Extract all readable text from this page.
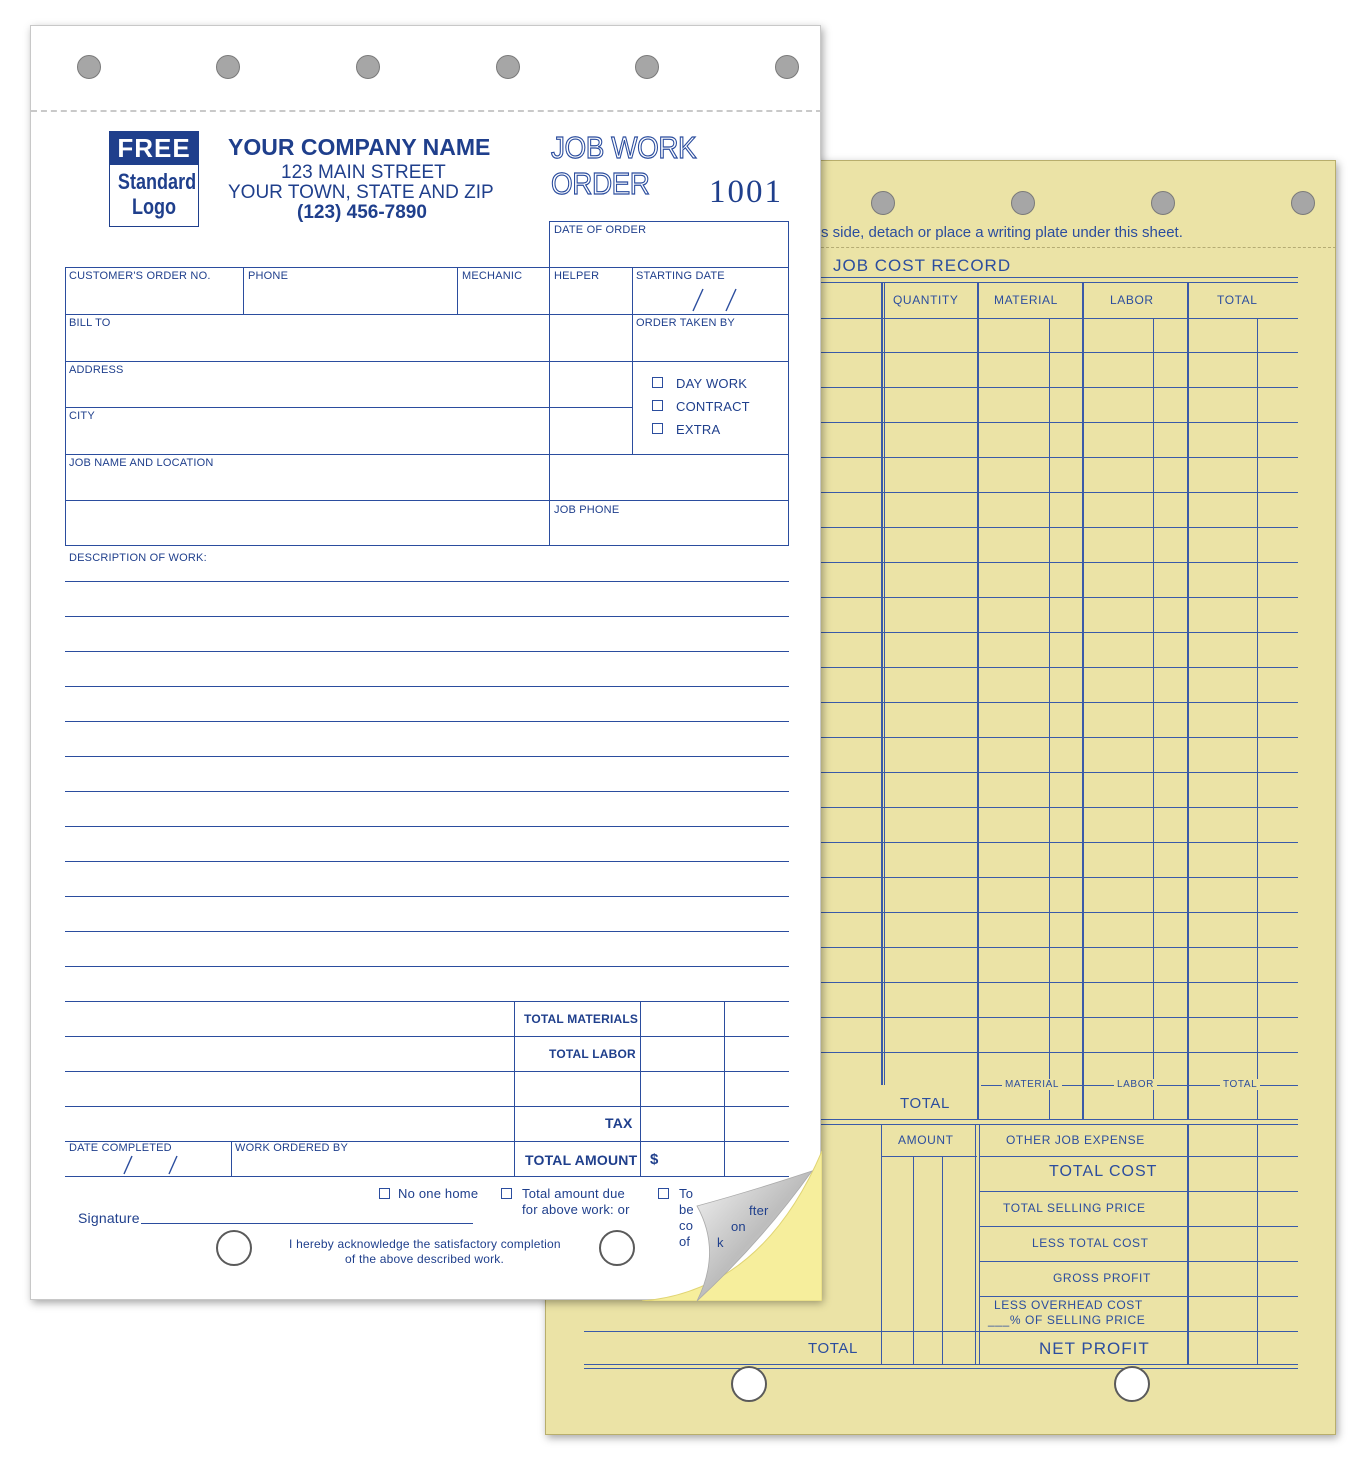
s side, detach or place a writing plate under this sheet.
JOB COST RECORD
QUANTITY	MATERIAL	LABOR	TOTAL
MATERIAL	LABOR	TOTAL
TOTAL
AMOUNT	OTHER JOB EXPENSE
TOTAL COST
TOTAL SELLING PRICE
LESS TOTAL COST
GROSS PROFIT
LESS OVERHEAD COST
___% OF SELLING PRICE
TOTAL	NET PROFIT
FREE
Standard
Logo
YOUR COMPANY NAME
123 MAIN STREET
YOUR TOWN, STATE AND ZIP
(123) 456-7890
JOB WORK ORDER	1001
DATE OF ORDER
CUSTOMER'S ORDER NO.	PHONE	MECHANIC	HELPER	STARTING DATE
BILL TO	ORDER TAKEN BY
ADDRESS
DAY WORK
CONTRACT
EXTRA
CITY
JOB NAME AND LOCATION
JOB PHONE
DESCRIPTION OF WORK:
TOTAL MATERIALS
TOTAL LABOR
TAX
TOTAL AMOUNT $
DATE COMPLETED	WORK ORDERED BY
No one home	Total amount due
for above work: or
To
be
co
of
Signature
I hereby acknowledge the satisfactory completion
of the above described work.
fter
on
k
